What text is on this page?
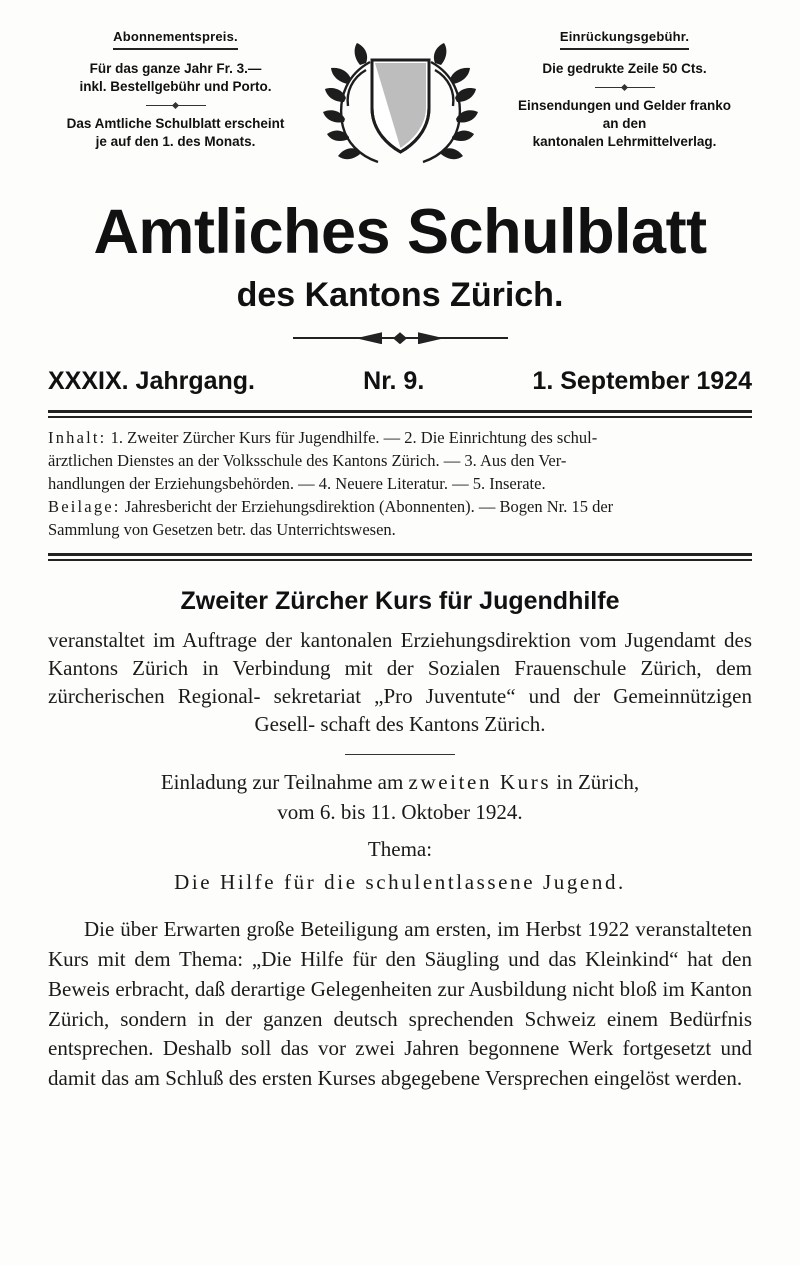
Abonnementspreis.
Für das ganze Jahr Fr. 3.—
inkl. Bestellgebühr und Porto.
Das Amtliche Schulblatt erscheint
je auf den 1. des Monats.
Einrückungsgebühr.
Die gedrukte Zeile 50 Cts.
Einsendungen und Gelder franko
an den
kantonalen Lehrmittelverlag.
Amtliches Schulblatt
des Kantons Zürich.
XXXIX. Jahrgang.	Nr. 9.	1. September 1924

Inhalt: 1. Zweiter Zürcher Kurs für Jugendhilfe. — 2. Die Einrichtung des schul-

ärztlichen Dienstes an der Volksschule des Kantons Zürich. — 3. Aus den Ver-

handlungen der Erziehungsbehörden. — 4. Neuere Literatur. — 5. Inserate.

Beilage: Jahresbericht der Erziehungsdirektion (Abonnenten). — Bogen Nr. 15 der

Sammlung von Gesetzen betr. das Unterrichtswesen.

Zweiter Zürcher Kurs für Jugendhilfe
veranstaltet im Auftrage der kantonalen Erziehungsdirektion vom Jugendamt des Kantons Zürich in Verbindung mit der Sozialen Frauenschule Zürich, dem zürcherischen Regional- sekretariat „Pro Juventute“ und der Gemeinnützigen Gesell- schaft des Kantons Zürich.
Einladung zur Teilnahme am zweiten Kurs in Zürich,
vom 6. bis 11. Oktober 1924.
Thema:
Die Hilfe für die schulentlassene Jugend.
Die über Erwarten große Beteiligung am ersten, im Herbst 1922 veranstalteten Kurs mit dem Thema: „Die Hilfe für den Säugling und das Kleinkind“ hat den Beweis erbracht, daß derartige Gelegenheiten zur Ausbildung nicht bloß im Kanton Zürich, sondern in der ganzen deutsch sprechenden Schweiz einem Bedürfnis entsprechen. Deshalb soll das vor zwei Jahren begonnene Werk fortgesetzt und damit das am Schluß des ersten Kurses abgegebene Versprechen eingelöst werden.
